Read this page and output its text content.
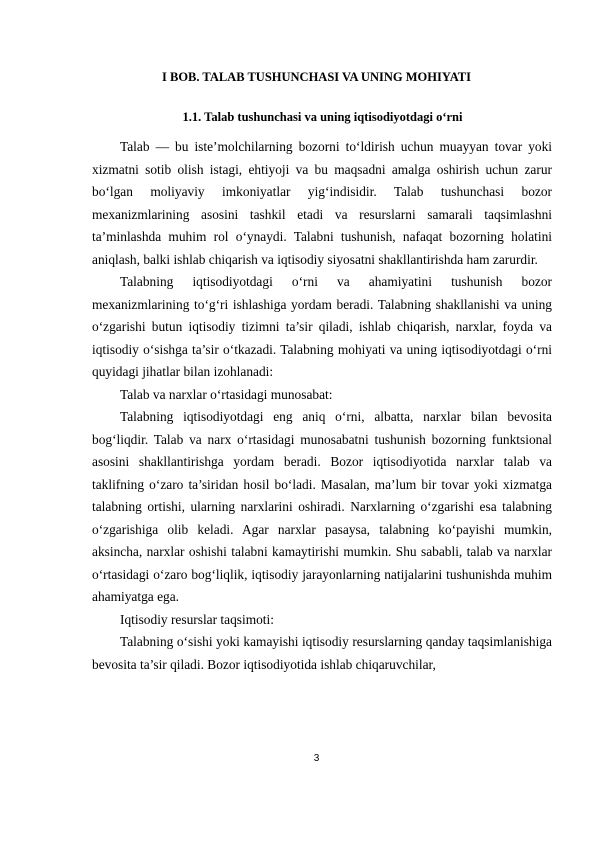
I BOB. TALAB TUSHUNCHASI VA UNING MOHIYATI
1.1. Talab tushunchasi va uning iqtisodiyotdagi o‘rni

Talab — bu iste’molchilarning bozorni to‘ldirish uchun muayyan tovar yoki xizmatni sotib olish istagi, ehtiyoji va bu maqsadni amalga oshirish uchun zarur bo‘lgan moliyaviy imkoniyatlar yig‘indisidir. Talab tushunchasi bozor mexanizmlarining asosini tashkil etadi va resurslarni samarali taqsimlashni ta’minlashda muhim rol o‘ynaydi. Talabni tushunish, nafaqat bozorning holatini aniqlash, balki ishlab chiqarish va iqtisodiy siyosatni shakllantirishda ham zarurdir.

Talabning iqtisodiyotdagi o‘rni va ahamiyatini tushunish bozor mexanizmlarining to‘g‘ri ishlashiga yordam beradi. Talabning shakllanishi va uning o‘zgarishi butun iqtisodiy tizimni ta’sir qiladi, ishlab chiqarish, narxlar, foyda va iqtisodiy o‘sishga ta’sir o‘tkazadi. Talabning mohiyati va uning iqtisodiyotdagi o‘rni quyidagi jihatlar bilan izohlanadi:

Talab va narxlar o‘rtasidagi munosabat:

Talabning iqtisodiyotdagi eng aniq o‘rni, albatta, narxlar bilan bevosita bog‘liqdir. Talab va narx o‘rtasidagi munosabatni tushunish bozorning funktsional asosini shakllantirishga yordam beradi. Bozor iqtisodiyotida narxlar talab va taklifning o‘zaro ta’siridan hosil bo‘ladi. Masalan, ma’lum bir tovar yoki xizmatga talabning ortishi, ularning narxlarini oshiradi. Narxlarning o‘zgarishi esa talabning o‘zgarishiga olib keladi. Agar narxlar pasaysa, talabning ko‘payishi mumkin, aksincha, narxlar oshishi talabni kamaytirishi mumkin. Shu sababli, talab va narxlar o‘rtasidagi o‘zaro bog‘liqlik, iqtisodiy jarayonlarning natijalarini tushunishda muhim ahamiyatga ega.

Iqtisodiy resurslar taqsimoti:

Talabning o‘sishi yoki kamayishi iqtisodiy resurslarning qanday taqsimlanishiga bevosita ta’sir qiladi. Bozor iqtisodiyotida ishlab chiqaruvchilar,

3
